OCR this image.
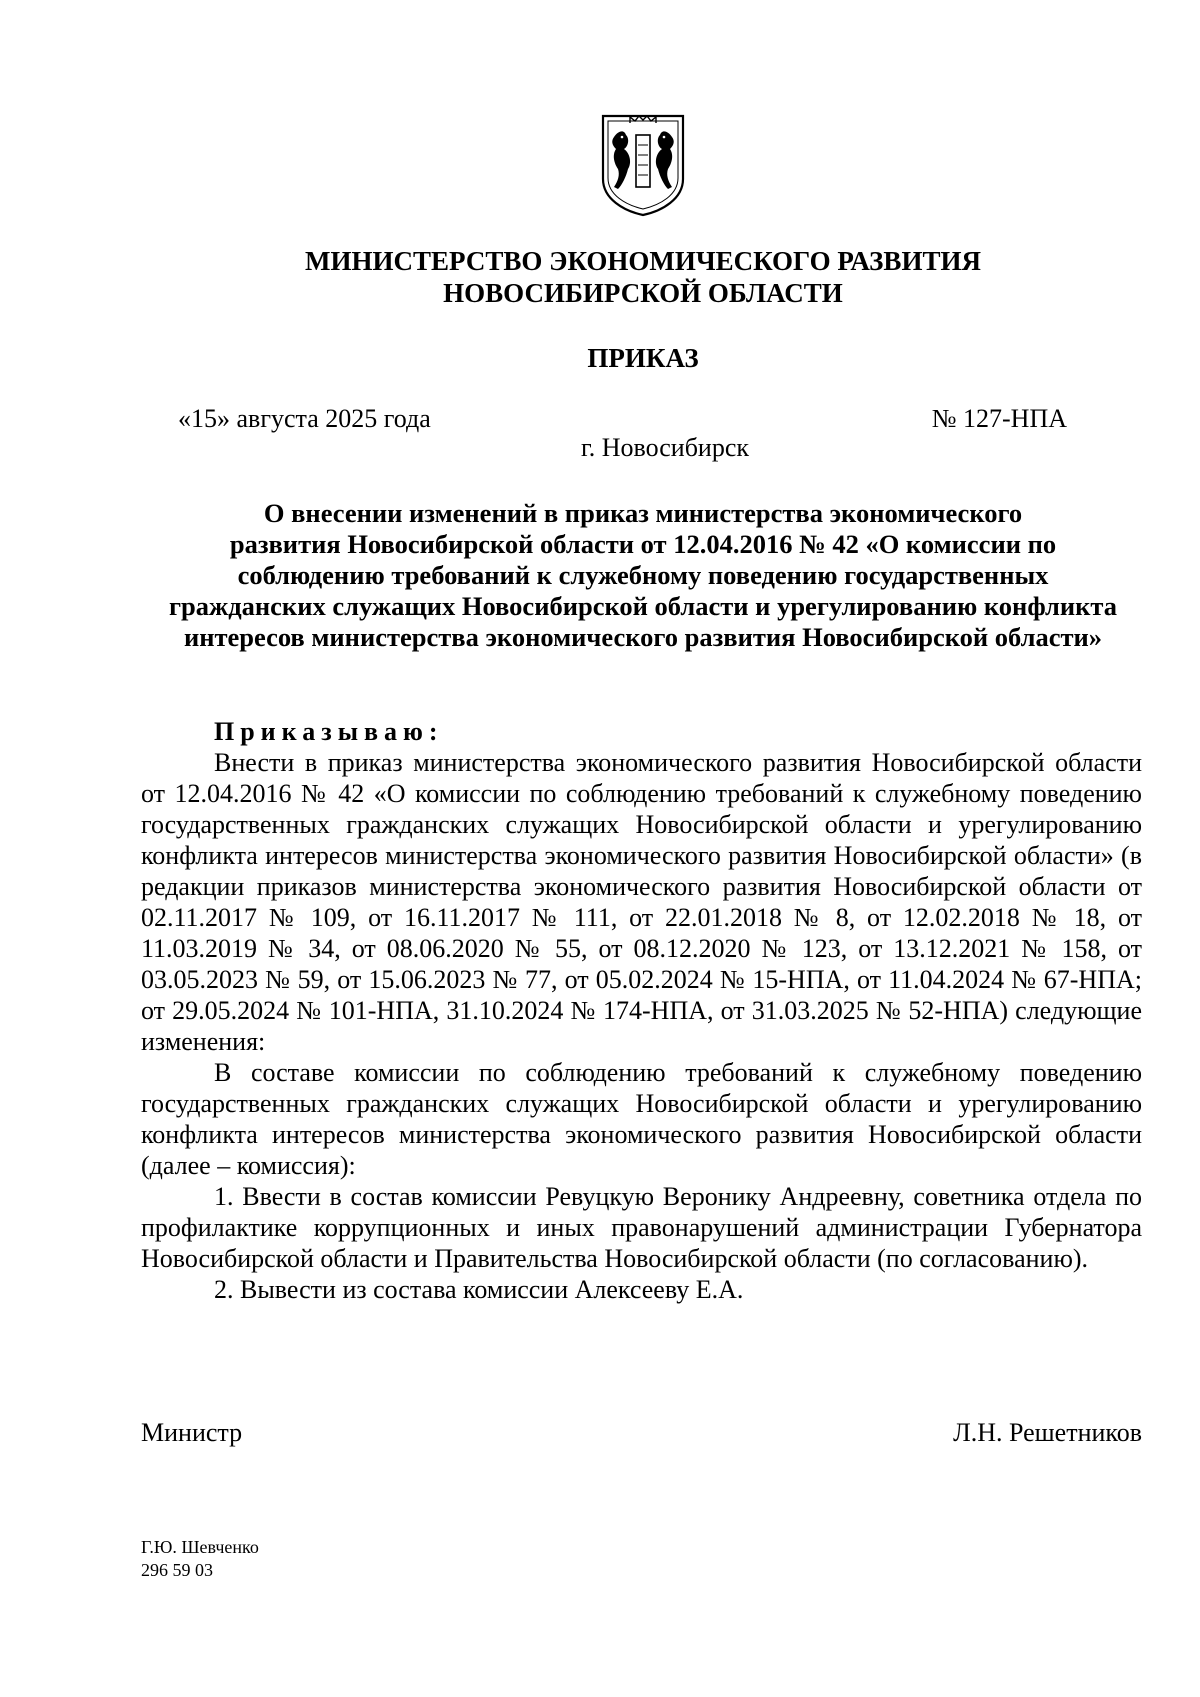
МИНИСТЕРСТВО ЭКОНОМИЧЕСКОГО РАЗВИТИЯ
НОВОСИБИРСКОЙ ОБЛАСТИ
ПРИКАЗ
«15» августа 2025 года	№ 127-НПА
г. Новосибирск
О внесении изменений в приказ министерства экономического
развития Новосибирской области от 12.04.2016 № 42 «О комиссии по
соблюдению требований к служебному поведению государственных
гражданских служащих Новосибирской области и урегулированию конфликта
интересов министерства экономического развития Новосибирской области»
Приказываю:

Внести в приказ министерства экономического развития Новосибирской области от 12.04.2016 № 42 «О комиссии по соблюдению требований к служебному поведению государственных гражданских служащих Новосибирской области и урегулированию конфликта интересов министерства экономического развития Новосибирской области» (в редакции приказов министерства экономического развития Новосибирской области от 02.11.2017 № 109, от 16.11.2017 № 111, от 22.01.2018 № 8, от 12.02.2018 № 18, от 11.03.2019 № 34, от 08.06.2020 № 55, от 08.12.2020 № 123, от 13.12.2021 № 158, от 03.05.2023 № 59, от 15.06.2023 № 77, от 05.02.2024 № 15-НПА, от 11.04.2024 № 67-НПА; от 29.05.2024 № 101-НПА, 31.10.2024 № 174-НПА, от 31.03.2025 № 52-НПА) следующие изменения:

В составе комиссии по соблюдению требований к служебному поведению государственных гражданских служащих Новосибирской области и урегулированию конфликта интересов министерства экономического развития Новосибирской области (далее – комиссия):

1. Ввести в состав комиссии Ревуцкую Веронику Андреевну, советника отдела по профилактике коррупционных и иных правонарушений администрации Губернатора Новосибирской области и Правительства Новосибирской области (по согласованию).

2. Вывести из состава комиссии Алексееву Е.А.

Министр	Л.Н. Решетников
Г.Ю. Шевченко
296 59 03
